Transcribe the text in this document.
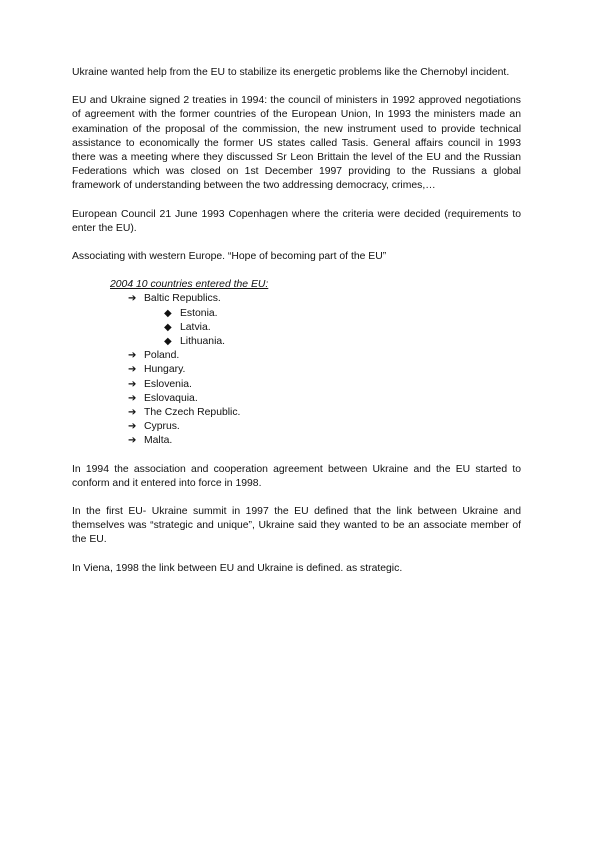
Ukraine wanted help from the EU to stabilize its energetic problems like the Chernobyl incident.

EU and Ukraine signed 2 treaties in 1994: the council of ministers in 1992 approved negotiations of agreement with the former countries of the European Union, In 1993 the ministers made an examination of the proposal of the commission, the new instrument used to provide technical assistance to economically the former US states called Tasis. General affairs council in 1993 there was a meeting where they discussed Sr Leon Brittain the level of the EU and the Russian Federations which was closed on 1st December 1997 providing to the Russians a global framework of understanding between the two addressing democracy, crimes,…

European Council 21 June 1993 Copenhagen where the criteria were decided (requirements to enter the EU).

Associating with western Europe. “Hope of becoming part of the EU”

2004 10 countries entered the EU:
➔ Baltic Republics.
◆ Estonia.
◆ Latvia.
◆ Lithuania.
➔ Poland.
➔ Hungary.
➔ Eslovenia.
➔ Eslovaquia.
➔ The Czech Republic.
➔ Cyprus.
➔ Malta.

In 1994 the association and cooperation agreement between Ukraine and the EU started to conform and it entered into force in 1998.

In the first EU- Ukraine summit in 1997 the EU defined that the link between Ukraine and themselves was “strategic and unique”, Ukraine said they wanted to be an associate member of the EU.

In Viena, 1998 the link between EU and Ukraine is defined. as strategic.
